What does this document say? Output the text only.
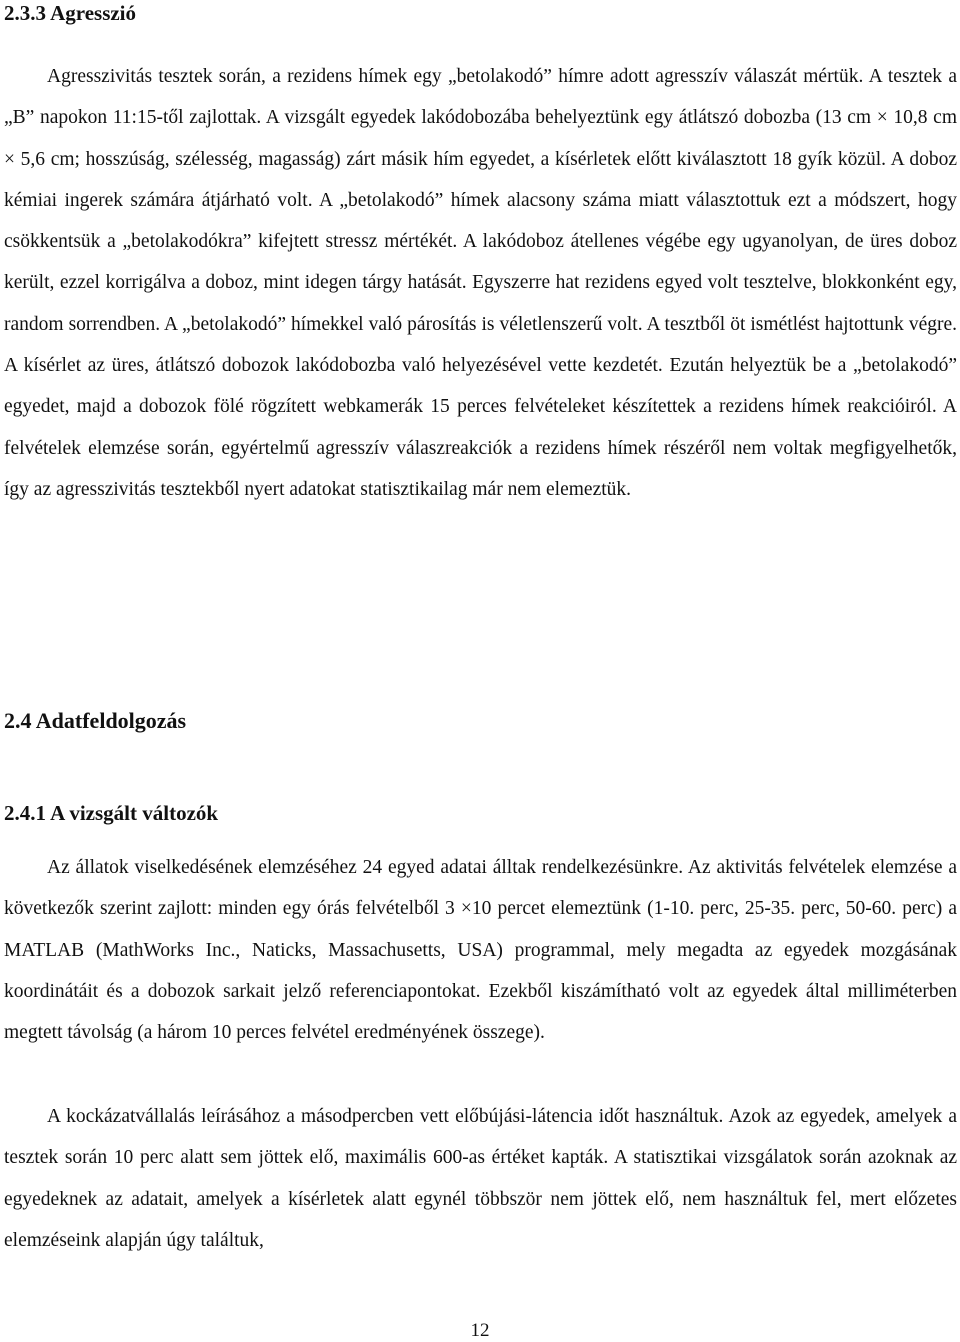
2.3.3 Agresszió

Agresszivitás tesztek során, a rezidens hímek egy „betolakodó” hímre adott agresszív válaszát mértük. A tesztek a „B” napokon 11:15-től zajlottak. A vizsgált egyedek lakódobozába behelyeztünk egy átlátszó dobozba (13 cm × 10,8 cm × 5,6 cm; hosszúság, szélesség, magasság) zárt másik hím egyedet, a kísérletek előtt kiválasztott 18 gyík közül. A doboz kémiai ingerek számára átjárható volt. A „betolakodó” hímek alacsony száma miatt választottuk ezt a módszert, hogy csökkentsük a „betolakodókra” kifejtett stressz mértékét. A lakódoboz átellenes végébe egy ugyanolyan, de üres doboz került, ezzel korrigálva a doboz, mint idegen tárgy hatását. Egyszerre hat rezidens egyed volt tesztelve, blokkonként egy, random sorrendben. A „betolakodó” hímekkel való párosítás is véletlenszerű volt. A tesztből öt ismétlést hajtottunk végre. A kísérlet az üres, átlátszó dobozok lakódobozba való helyezésével vette kezdetét. Ezután helyeztük be a „betolakodó” egyedet, majd a dobozok fölé rögzített webkamerák 15 perces felvételeket készítettek a rezidens hímek reakcióiról. A felvételek elemzése során, egyértelmű agresszív válaszreakciók a rezidens hímek részéről nem voltak megfigyelhetők, így az agresszivitás tesztekből nyert adatokat statisztikailag már nem elemeztük.

2.4 Adatfeldolgozás
2.4.1 A vizsgált változók

Az állatok viselkedésének elemzéséhez 24 egyed adatai álltak rendelkezésünkre. Az aktivitás felvételek elemzése a következők szerint zajlott: minden egy órás felvételből 3 ×10 percet elemeztünk (1-10. perc, 25-35. perc, 50-60. perc) a MATLAB (MathWorks Inc., Naticks, Massachusetts, USA) programmal, mely megadta az egyedek mozgásának koordinátáit és a dobozok sarkait jelző referenciapontokat. Ezekből kiszámítható volt az egyedek által milliméterben megtett távolság (a három 10 perces felvétel eredményének összege).

A kockázatvállalás leírásához a másodpercben vett előbújási-látencia időt használtuk. Azok az egyedek, amelyek a tesztek során 10 perc alatt sem jöttek elő, maximális 600-as értéket kapták. A statisztikai vizsgálatok során azoknak az egyedeknek az adatait, amelyek a kísérletek alatt egynél többször nem jöttek elő, nem használtuk fel, mert előzetes elemzéseink alapján úgy találtuk,

12
